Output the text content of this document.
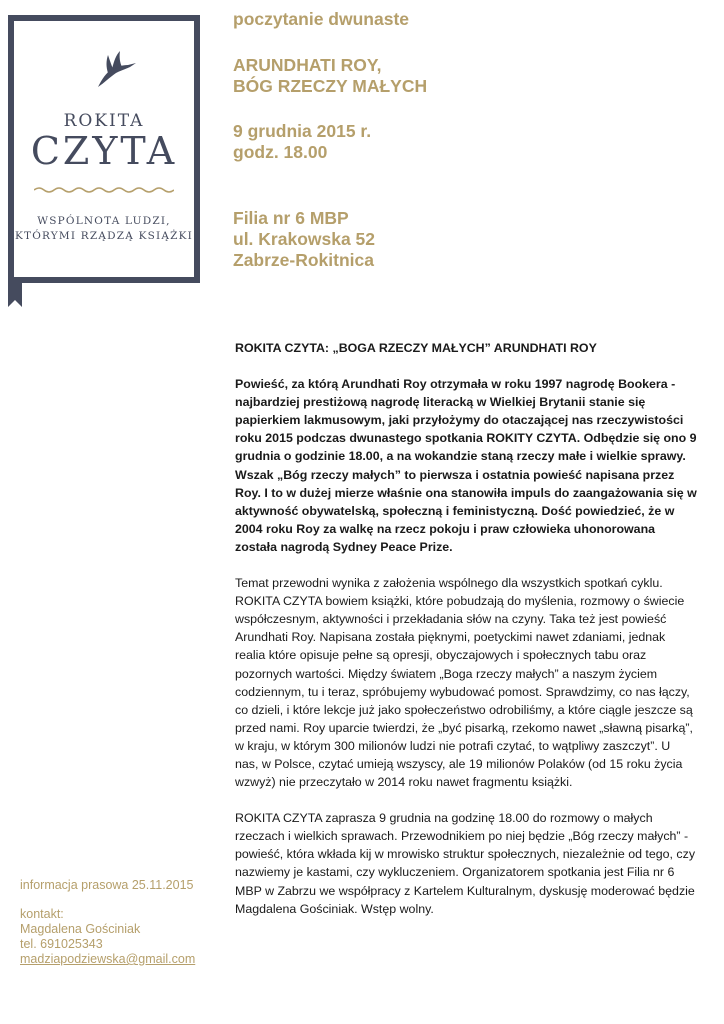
ROKITA
CZYTA
WSPÓLNOTA LUDZI,
KTÓRYMI RZĄDZĄ KSIĄŻKI
poczytanie dwunaste
ARUNDHATI ROY,
BÓG RZECZY MAŁYCH
9 grudnia 2015 r.
godz. 18.00
Filia nr 6 MBP
ul. Krakowska 52
Zabrze-Rokitnica
ROKITA CZYTA: „BOGA RZECZY MAŁYCH” ARUNDHATI ROY

Powieść, za którą Arundhati Roy otrzymała w roku 1997 nagrodę Bookera - najbardziej prestiżową nagrodę literacką w Wielkiej Brytanii stanie się papierkiem lakmusowym, jaki przyłożymy do otaczającej nas rzeczywistości roku 2015 podczas dwunastego spotkania ROKITY CZYTA. Odbędzie się ono 9 grudnia o godzinie 18.00, a na wokandzie staną rzeczy małe i wielkie sprawy. Wszak „Bóg rzeczy małych” to pierwsza i ostatnia powieść napisana przez Roy. I to w dużej mierze właśnie ona stanowiła impuls do zaangażowania się w aktywność obywatelską, społeczną i feministyczną. Dość powiedzieć, że w 2004 roku Roy za walkę na rzecz pokoju i praw człowieka uhonorowana została nagrodą Sydney Peace Prize.

Temat przewodni wynika z założenia wspólnego dla wszystkich spotkań cyklu. ROKITA CZYTA bowiem książki, które pobudzają do myślenia, rozmowy o świecie współczesnym, aktywności i przekładania słów na czyny. Taka też jest powieść Arundhati Roy. Napisana została pięknymi, poetyckimi nawet zdaniami, jednak realia które opisuje pełne są opresji, obyczajowych i społecznych tabu oraz pozornych wartości. Między światem „Boga rzeczy małych” a naszym życiem codziennym, tu i teraz, spróbujemy wybudować pomost. Sprawdzimy, co nas łączy, co dzieli, i które lekcje już jako społeczeństwo odrobiliśmy, a które ciągle jeszcze są przed nami. Roy uparcie twierdzi, że „być pisarką, rzekomo nawet „sławną pisarką”, w kraju, w którym 300 milionów ludzi nie potrafi czytać, to wątpliwy zaszczyt”. U nas, w Polsce, czytać umieją wszyscy, ale 19 milionów Polaków (od 15 roku życia wzwyż) nie przeczytało w 2014 roku nawet fragmentu książki.

ROKITA CZYTA zaprasza 9 grudnia na godzinę 18.00 do rozmowy o małych rzeczach i wielkich sprawach. Przewodnikiem po niej będzie „Bóg rzeczy małych” - powieść, która wkłada kij w mrowisko struktur społecznych, niezależnie od tego, czy nazwiemy je kastami, czy wykluczeniem. Organizatorem spotkania jest Filia nr 6 MBP w Zabrzu we współpracy z Kartelem Kulturalnym, dyskusję moderować będzie Magdalena Gościniak. Wstęp wolny.

informacja prasowa 25.11.2015
kontakt:
Magdalena Gościniak
tel. 691025343
madziapodziewska@gmail.com
